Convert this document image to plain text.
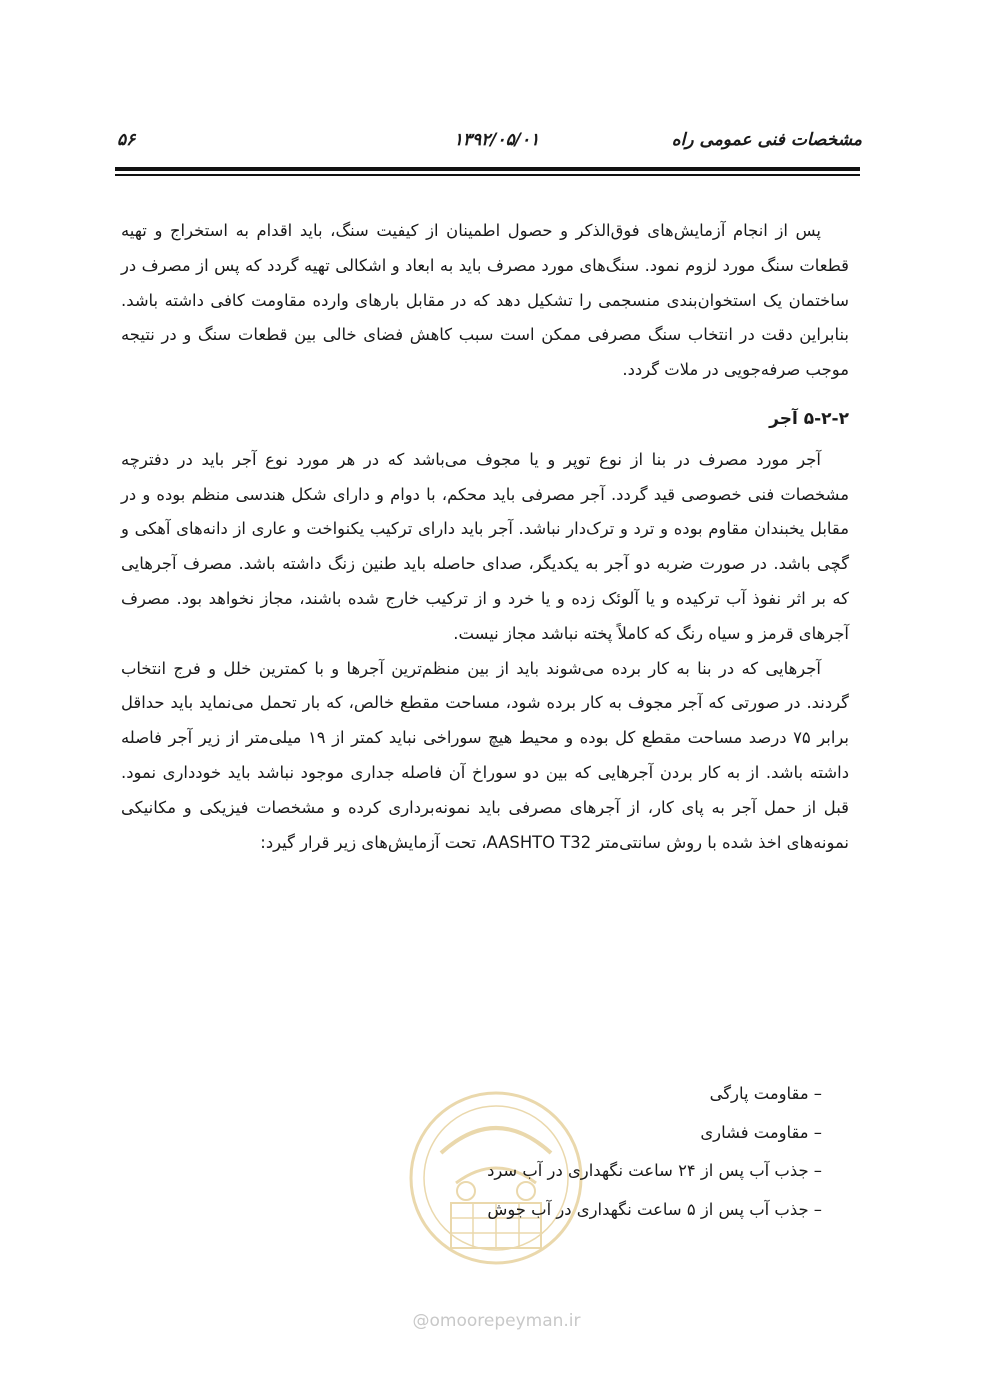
مشخصات فنی عمومی راه
۱۳۹۲/۰۵/۰۱
۵۶

پس از انجام آزمایش‌های فوق‌الذکر و حصول اطمینان از کیفیت سنگ، باید اقدام به استخراج و تهیه قطعات سنگ مورد لزوم نمود. سنگ‌های مورد مصرف باید به ابعاد و اشکالی تهیه گردد که پس از مصرف در ساختمان یک استخوان‌بندی منسجمی را تشکیل دهد که در مقابل بارهای وارده مقاومت کافی داشته باشد. بنابراین دقت در انتخاب سنگ مصرفی ممکن است سبب کاهش فضای خالی بین قطعات سنگ و در نتیجه موجب صرفه‌جویی در ملات گردد.

۵-۲-۲ آجر

آجر مورد مصرف در بنا از نوع توپر و یا مجوف می‌باشد که در هر مورد نوع آجر باید در دفترچه مشخصات فنی خصوصی قید گردد. آجر مصرفی باید محکم، با دوام و دارای شکل هندسی منظم بوده و در مقابل یخبندان مقاوم بوده و ترد و ترک‌دار نباشد. آجر باید دارای ترکیب یکنواخت و عاری از دانه‌های آهکی و گچی باشد. در صورت ضربه دو آجر به یکدیگر، صدای حاصله باید طنین زنگ داشته باشد. مصرف آجرهایی که بر اثر نفوذ آب ترکیده و یا آلوئک زده و یا خرد و از ترکیب خارج شده باشند، مجاز نخواهد بود. مصرف آجرهای قرمز و سیاه رنگ که کاملاً پخته نباشد مجاز نیست.

آجرهایی که در بنا به کار برده می‌شوند باید از بین منظم‌ترین آجرها و با کمترین خلل و فرج انتخاب گردند. در صورتی که آجر مجوف به کار برده شود، مساحت مقطع خالص، که بار تحمل می‌نماید باید حداقل برابر ۷۵ درصد مساحت مقطع کل بوده و محیط هیچ سوراخی نباید کمتر از ۱۹ میلی‌متر از زیر آجر فاصله داشته باشد. از به کار بردن آجرهایی که بین دو سوراخ آن فاصله جداری موجود نباشد باید خودداری نمود. قبل از حمل آجر به پای کار، از آجرهای مصرفی باید نمونه‌برداری کرده و مشخصات فیزیکی و مکانیکی نمونه‌های اخذ شده با روش سانتی‌متر AASHTO T32، تحت آزمایش‌های زیر قرار گیرد:

– مقاومت پارگی
– مقاومت فشاری
– جذب آب پس از ۲۴ ساعت نگهداری در آب سرد
– جذب آب پس از ۵ ساعت نگهداری در آب جوش
@omoorepeyman.ir
